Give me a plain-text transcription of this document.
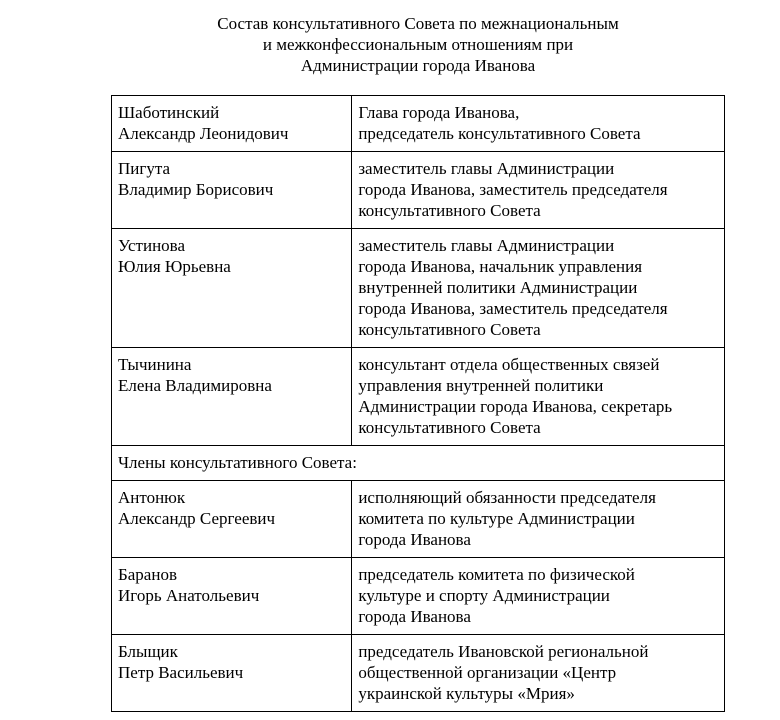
Состав консультативного Совета по межнациональным
и межконфессиональным отношениям при
Администрации города Иванова
Шаботинский
Александр Леонидович	Глава города Иванова,
председатель консультативного Совета

Пигута
Владимир Борисович	заместитель главы Администрации
города Иванова, заместитель председателя
консультативного Совета

Устинова
Юлия Юрьевна	заместитель главы Администрации
города Иванова, начальник управления
внутренней политики Администрации
города Иванова, заместитель председателя
консультативного Совета

Тычинина
Елена Владимировна	консультант отдела общественных связей
управления внутренней политики
Администрации города Иванова, секретарь
консультативного Совета

Члены консультативного Совета:	

Антонюк
Александр Сергеевич	исполняющий обязанности председателя
комитета по культуре Администрации
города Иванова

Баранов
Игорь Анатольевич	председатель комитета по физической
культуре и спорту Администрации
города Иванова

Блыщик
Петр Васильевич	председатель Ивановской региональной
общественной организации «Центр
украинской культуры «Мрия»
